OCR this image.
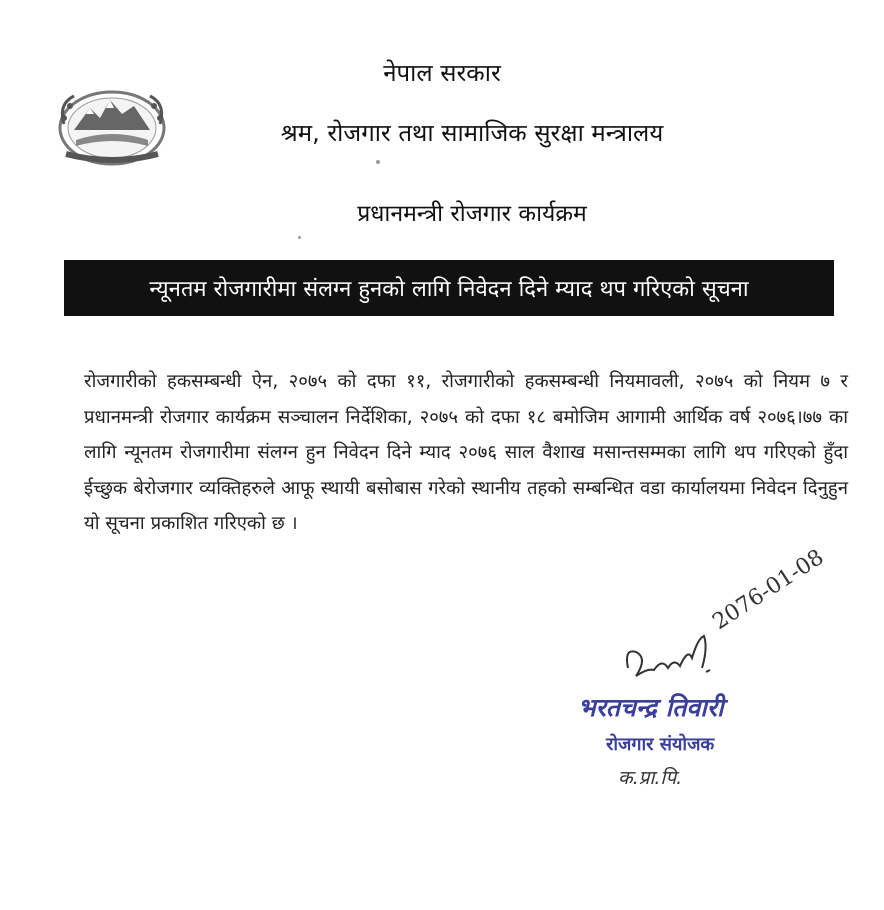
नेपाल सरकार
श्रम, रोजगार तथा सामाजिक सुरक्षा मन्त्रालय
प्रधानमन्त्री रोजगार कार्यक्रम
न्यूनतम रोजगारीमा संलग्न हुनको लागि निवेदन दिने म्याद थप गरिएको सूचना
रोजगारीको हकसम्बन्धी ऐन, २०७५ को दफा ११, रोजगारीको हकसम्बन्धी नियमावली, २०७५ को नियम ७ र प्रधानमन्त्री रोजगार कार्यक्रम सञ्चालन निर्देशिका, २०७५ को दफा १८ बमोजिम आगामी आर्थिक वर्ष २०७६।७७ का लागि न्यूनतम रोजगारीमा संलग्न हुन निवेदन दिने म्याद २०७६ साल वैशाख मसान्तसम्मका लागि थप गरिएको हुँदा ईच्छुक बेरोजगार व्यक्तिहरुले आफू स्थायी बसोबास गरेको स्थानीय तहको सम्बन्धित वडा कार्यालयमा निवेदन दिनुहुन यो सूचना प्रकाशित गरिएको छ ।
2076-01-08
भरतचन्द्र तिवारी
रोजगार संयोजक
क.प्रा.पि.
